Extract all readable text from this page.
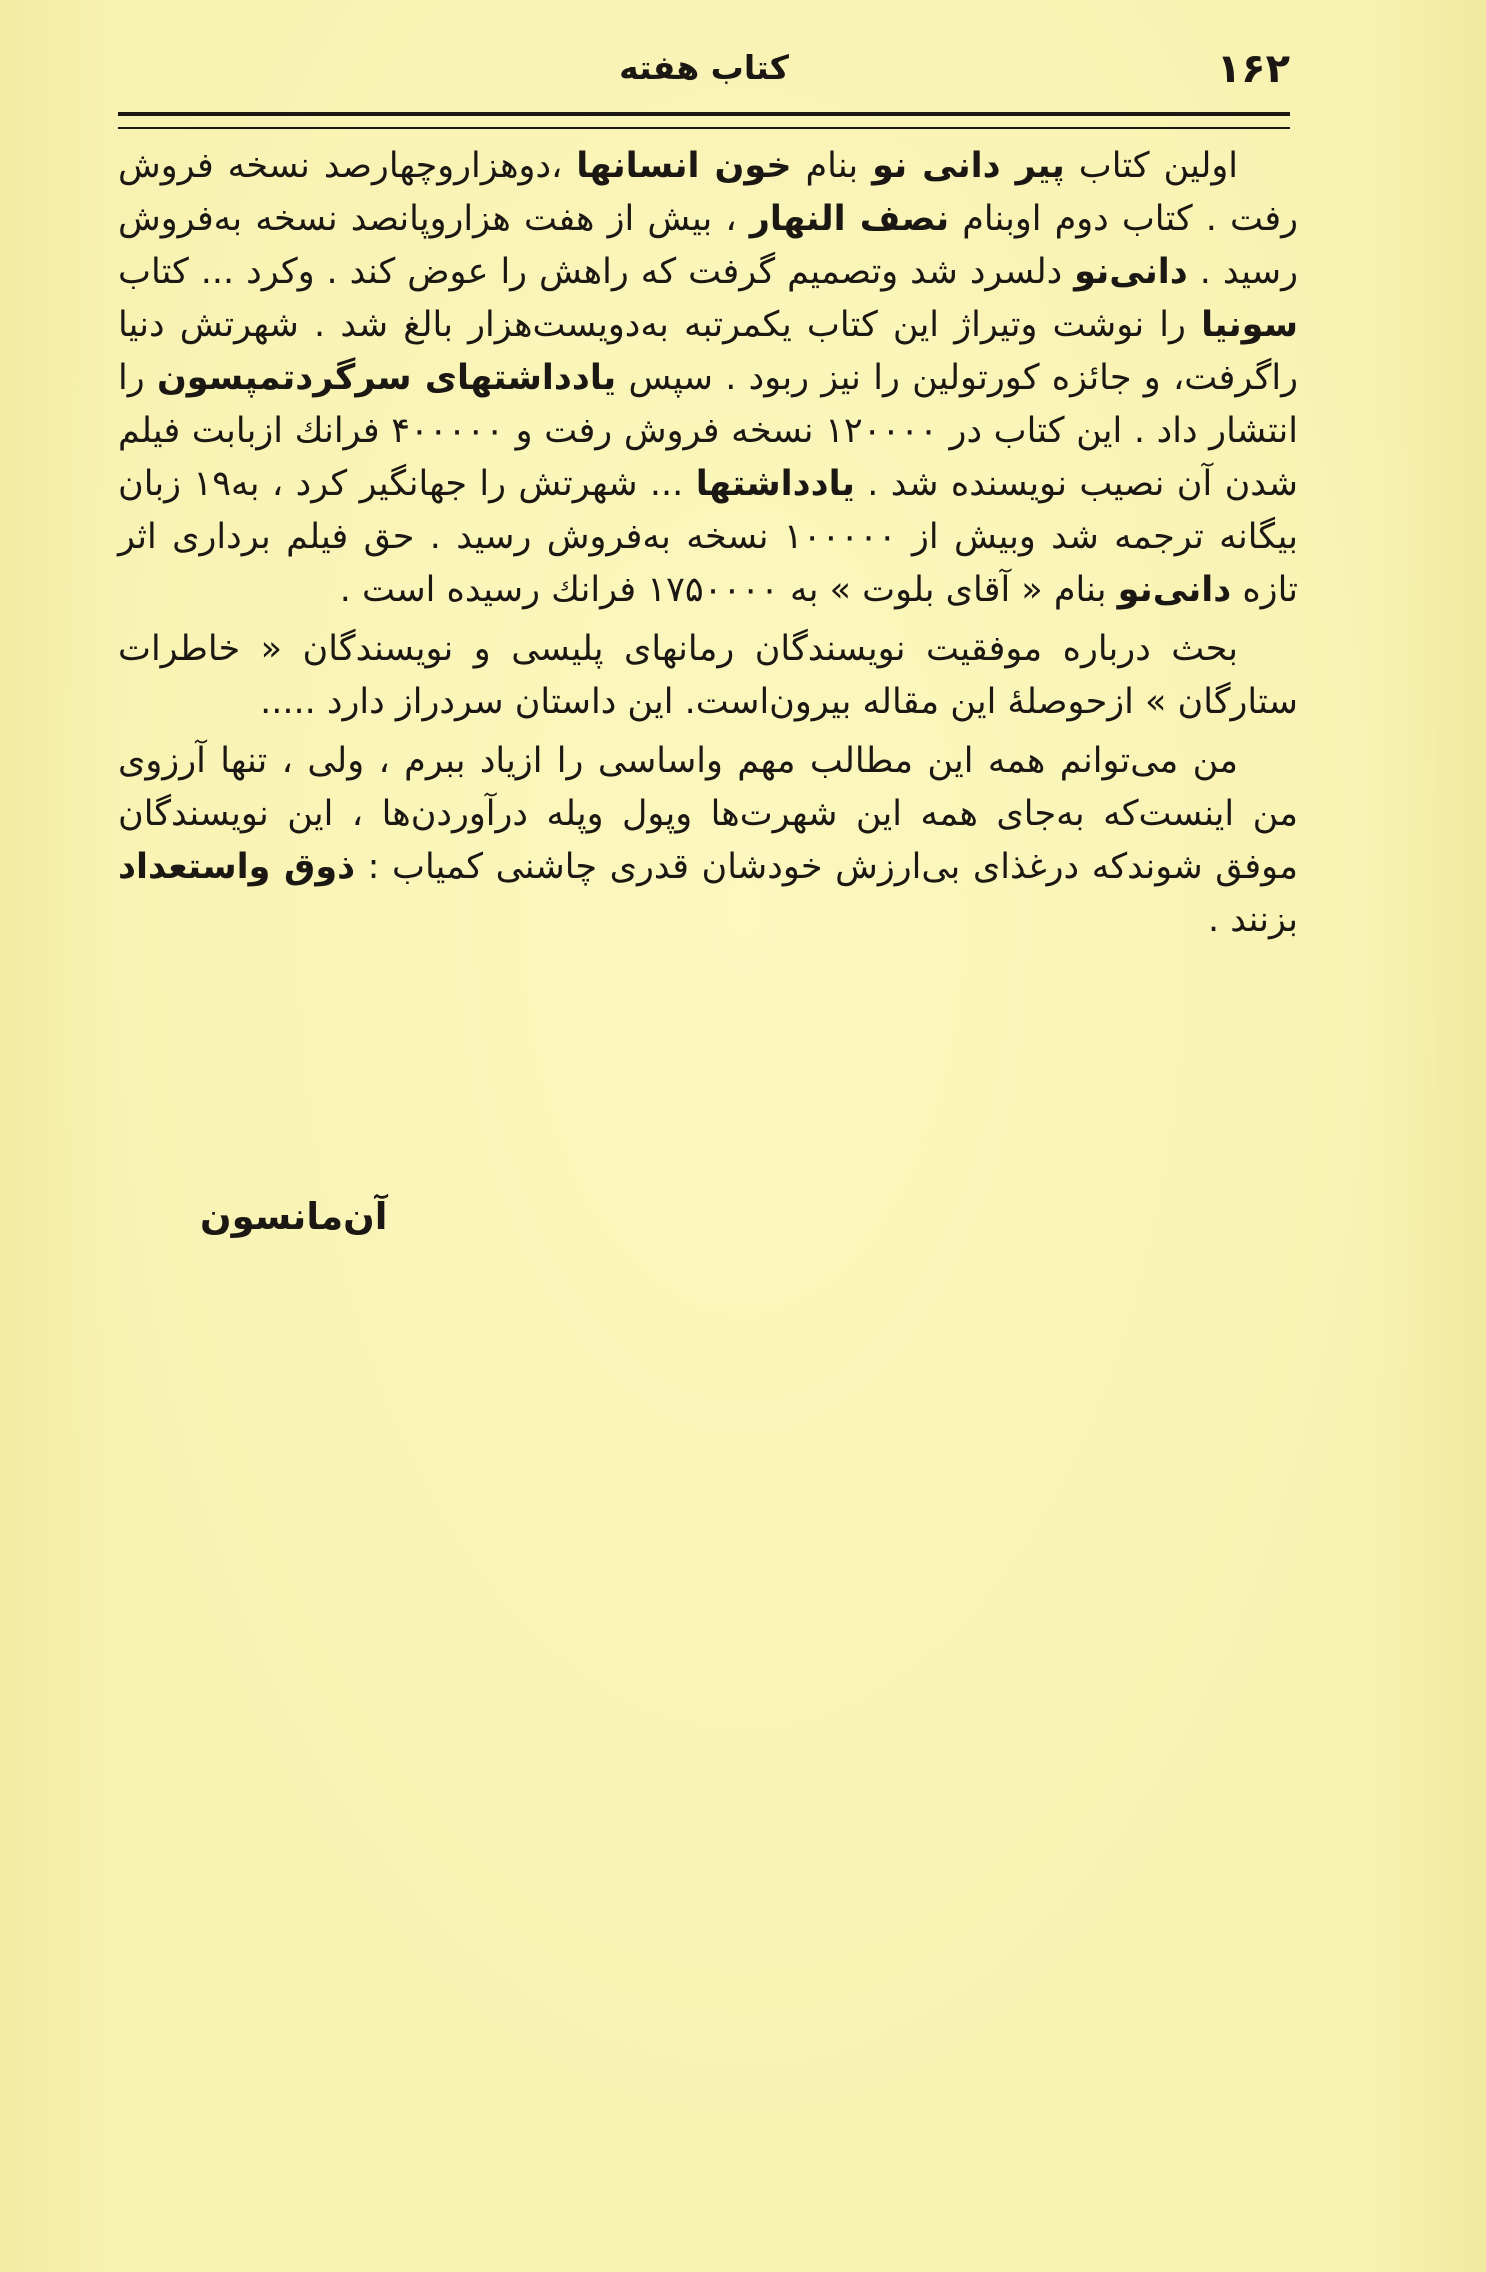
۱۶۲
کتاب هفته

اولین کتاب پیر دانی نو بنام خون انسانها ،دوهزاروچهارصد نسخه فروش رفت . کتاب دوم اوبنام نصف النهار ، بیش از هفت هزاروپانصد نسخه به‌فروش رسید . دانی‌نو دلسرد شد وتصمیم گرفت که راهش را عوض کند . وکرد ... کتاب سونیا را نوشت وتیراژ این کتاب یکمرتبه به‌دویست‌هزار بالغ شد . شهرتش دنیا راگرفت، و جائزه کورتولین را نیز ربود . سپس یادداشتهای سرگردتمپسون را انتشار داد . این کتاب در ۱۲۰۰۰۰ نسخه فروش رفت و ۴۰۰۰۰۰ فرانك ازبابت فیلم شدن آن نصیب نویسنده شد . یادداشتها ... شهرتش را جهانگیر کرد ، به۱۹ زبان بیگانه ترجمه شد وبیش از ۱۰۰۰۰۰ نسخه به‌فروش رسید . حق فیلم برداری اثر تازه دانی‌نو بنام « آقای بلوت » به ۱۷۵۰۰۰۰ فرانك رسیده است .

بحث درباره موفقیت نویسندگان رمانهای پلیسی و نویسندگان « خاطرات ستارگان » ازحوصلهٔ این مقاله بیرون‌است. این داستان سردراز دارد .....

من می‌توانم همه این مطالب مهم واساسی را ازیاد ببرم ، ولی ، تنها آرزوی من اینست‌که به‌جای همه این شهرت‌ها وپول وپله درآوردن‌ها ، این نویسندگان موفق شوندکه درغذای بی‌ارزش خودشان قدری چاشنی کمیاب : ذوق واستعداد بزنند .

آن‌مانسون
